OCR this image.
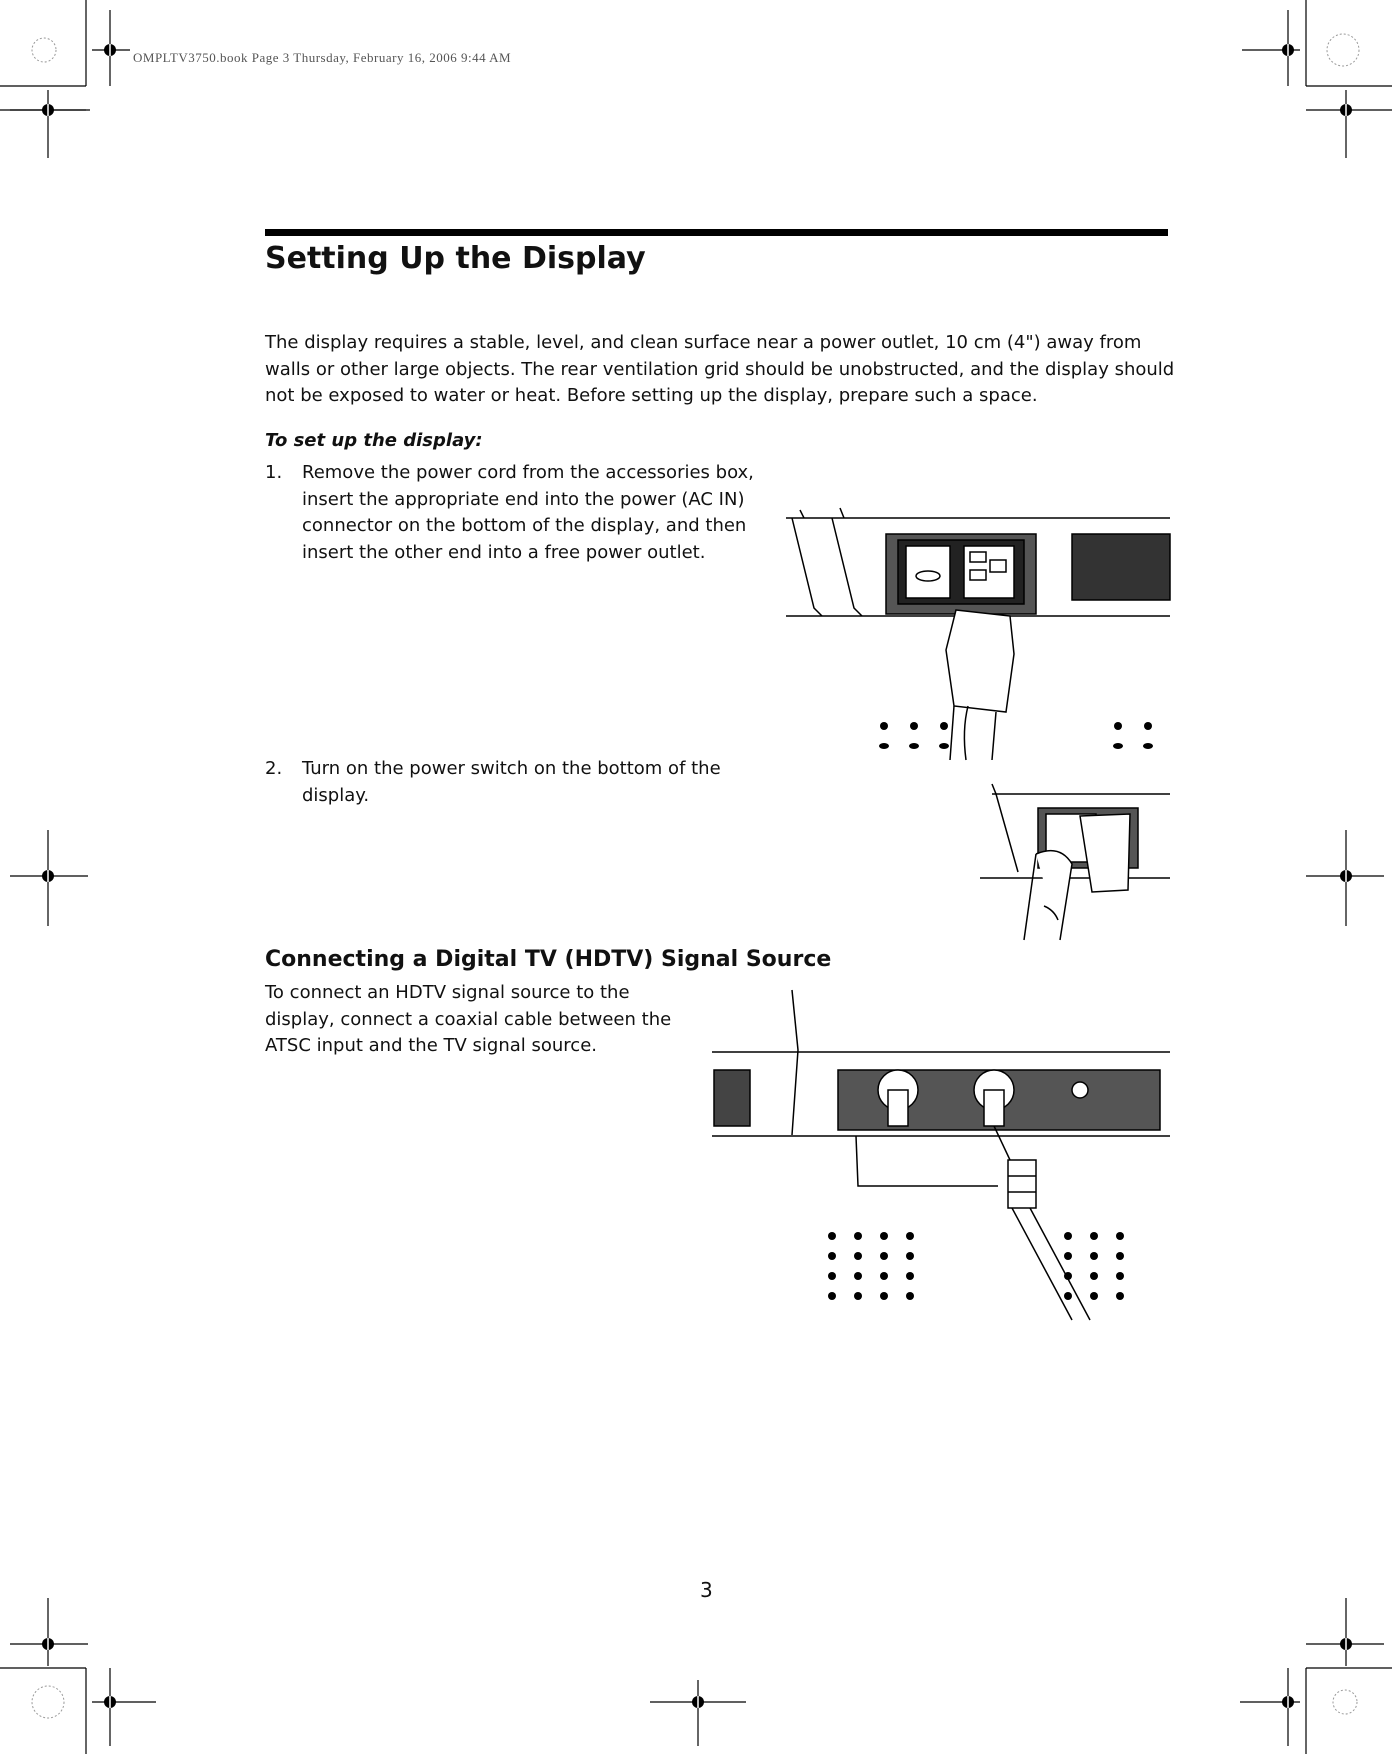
OMPLTV3750.book Page 3 Thursday, February 16, 2006 9:44 AM
Setting Up the Display

The display requires a stable, level, and clean surface near a power outlet, 10 cm (4") away from walls or other large objects. The rear ventilation grid should be unobstructed, and the display should not be exposed to water or heat. Before setting up the display, prepare such a space.

To set up the display:
1. Remove the power cord from the accessories box,
insert the appropriate end into the power (AC IN)
connector on the bottom of the display, and then
insert the other end into a free power outlet.
2. Turn on the power switch on the bottom of the
display.
Connecting a Digital TV (HDTV) Signal Source
To connect an HDTV signal source to the
display, connect a coaxial cable between the
ATSC input and the TV signal source.
3
